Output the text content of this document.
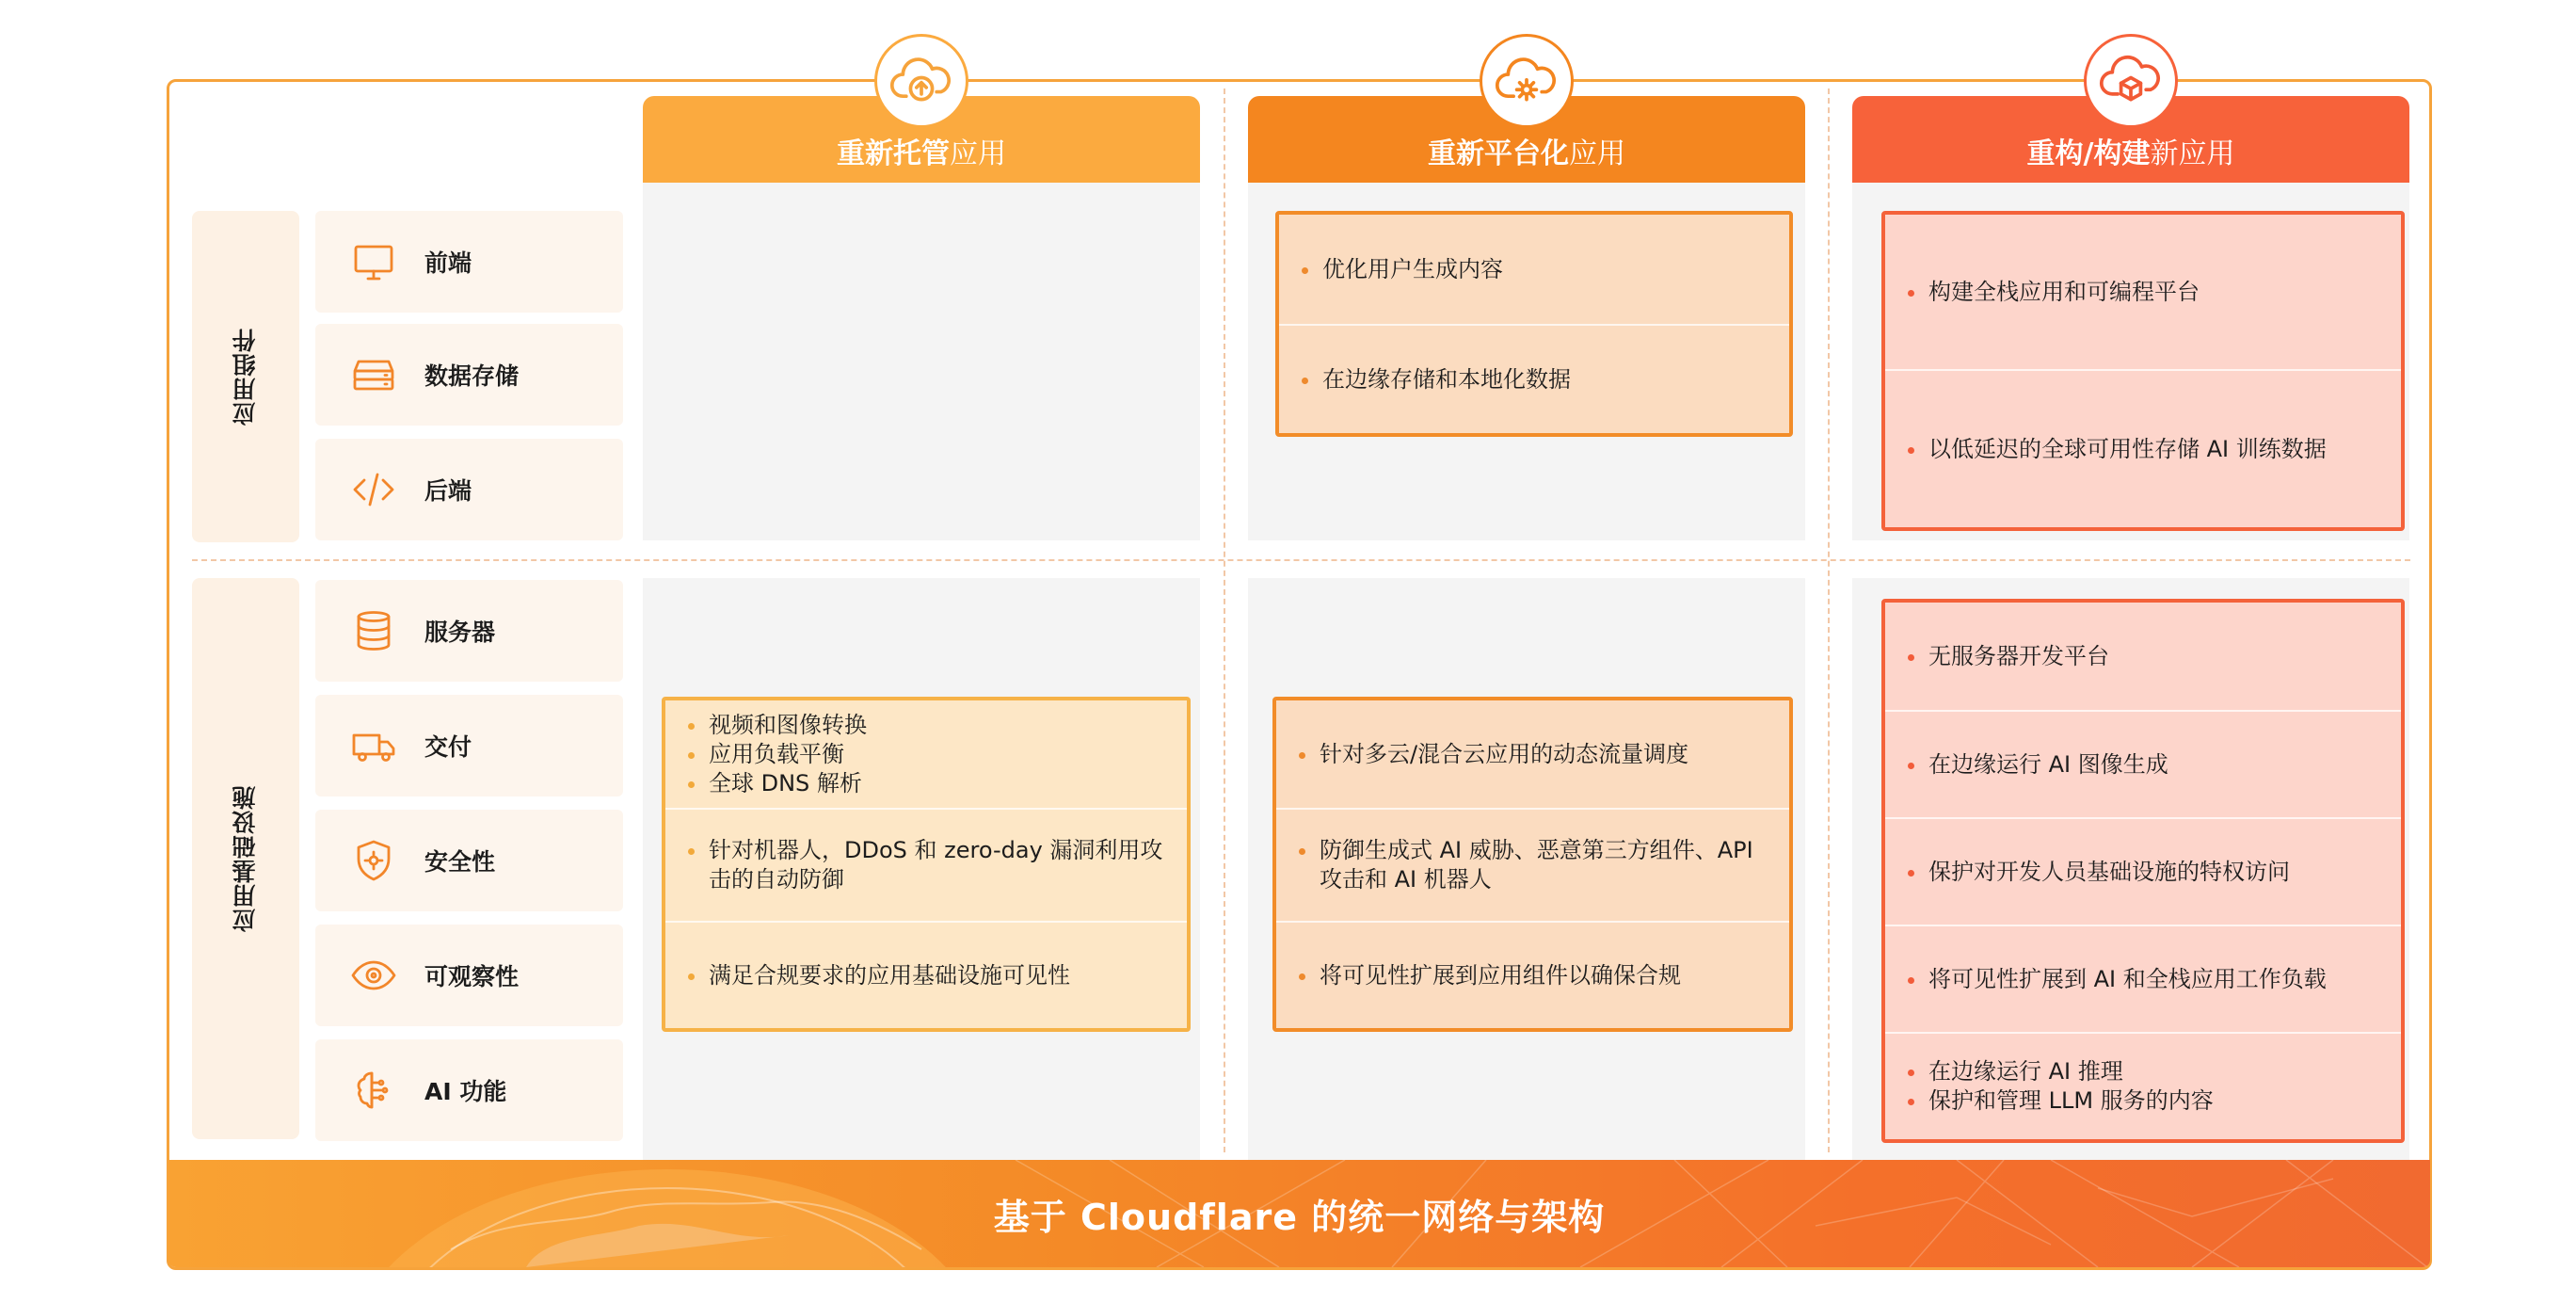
重新托管 应用	重新平台化 应用	重构/构建 新应用
应用组件
应用基础设施
前端
数据存储
后端
服务器
交付
安全性
可观察性
AI 功能
优化用户生成内容
在边缘存储和本地化数据
构建全栈应用和可编程平台
以低延迟的全球可用性存储 AI 训练数据
视频和图像转换
应用负载平衡
全球 DNS 解析
针对机器人，DDoS 和 zero-day 漏洞利用攻击的自动防御
满足合规要求的应用基础设施可见性
针对多云/混合云应用的动态流量调度
防御生成式 AI 威胁、恶意第三方组件、API 攻击和 AI 机器人
将可见性扩展到应用组件以确保合规
无服务器开发平台
在边缘运行 AI 图像生成
保护对开发人员基础设施的特权访问
将可见性扩展到 AI 和全栈应用工作负载
在边缘运行 AI 推理
保护和管理 LLM 服务的内容
基于 Cloudflare 的统一网络与架构
